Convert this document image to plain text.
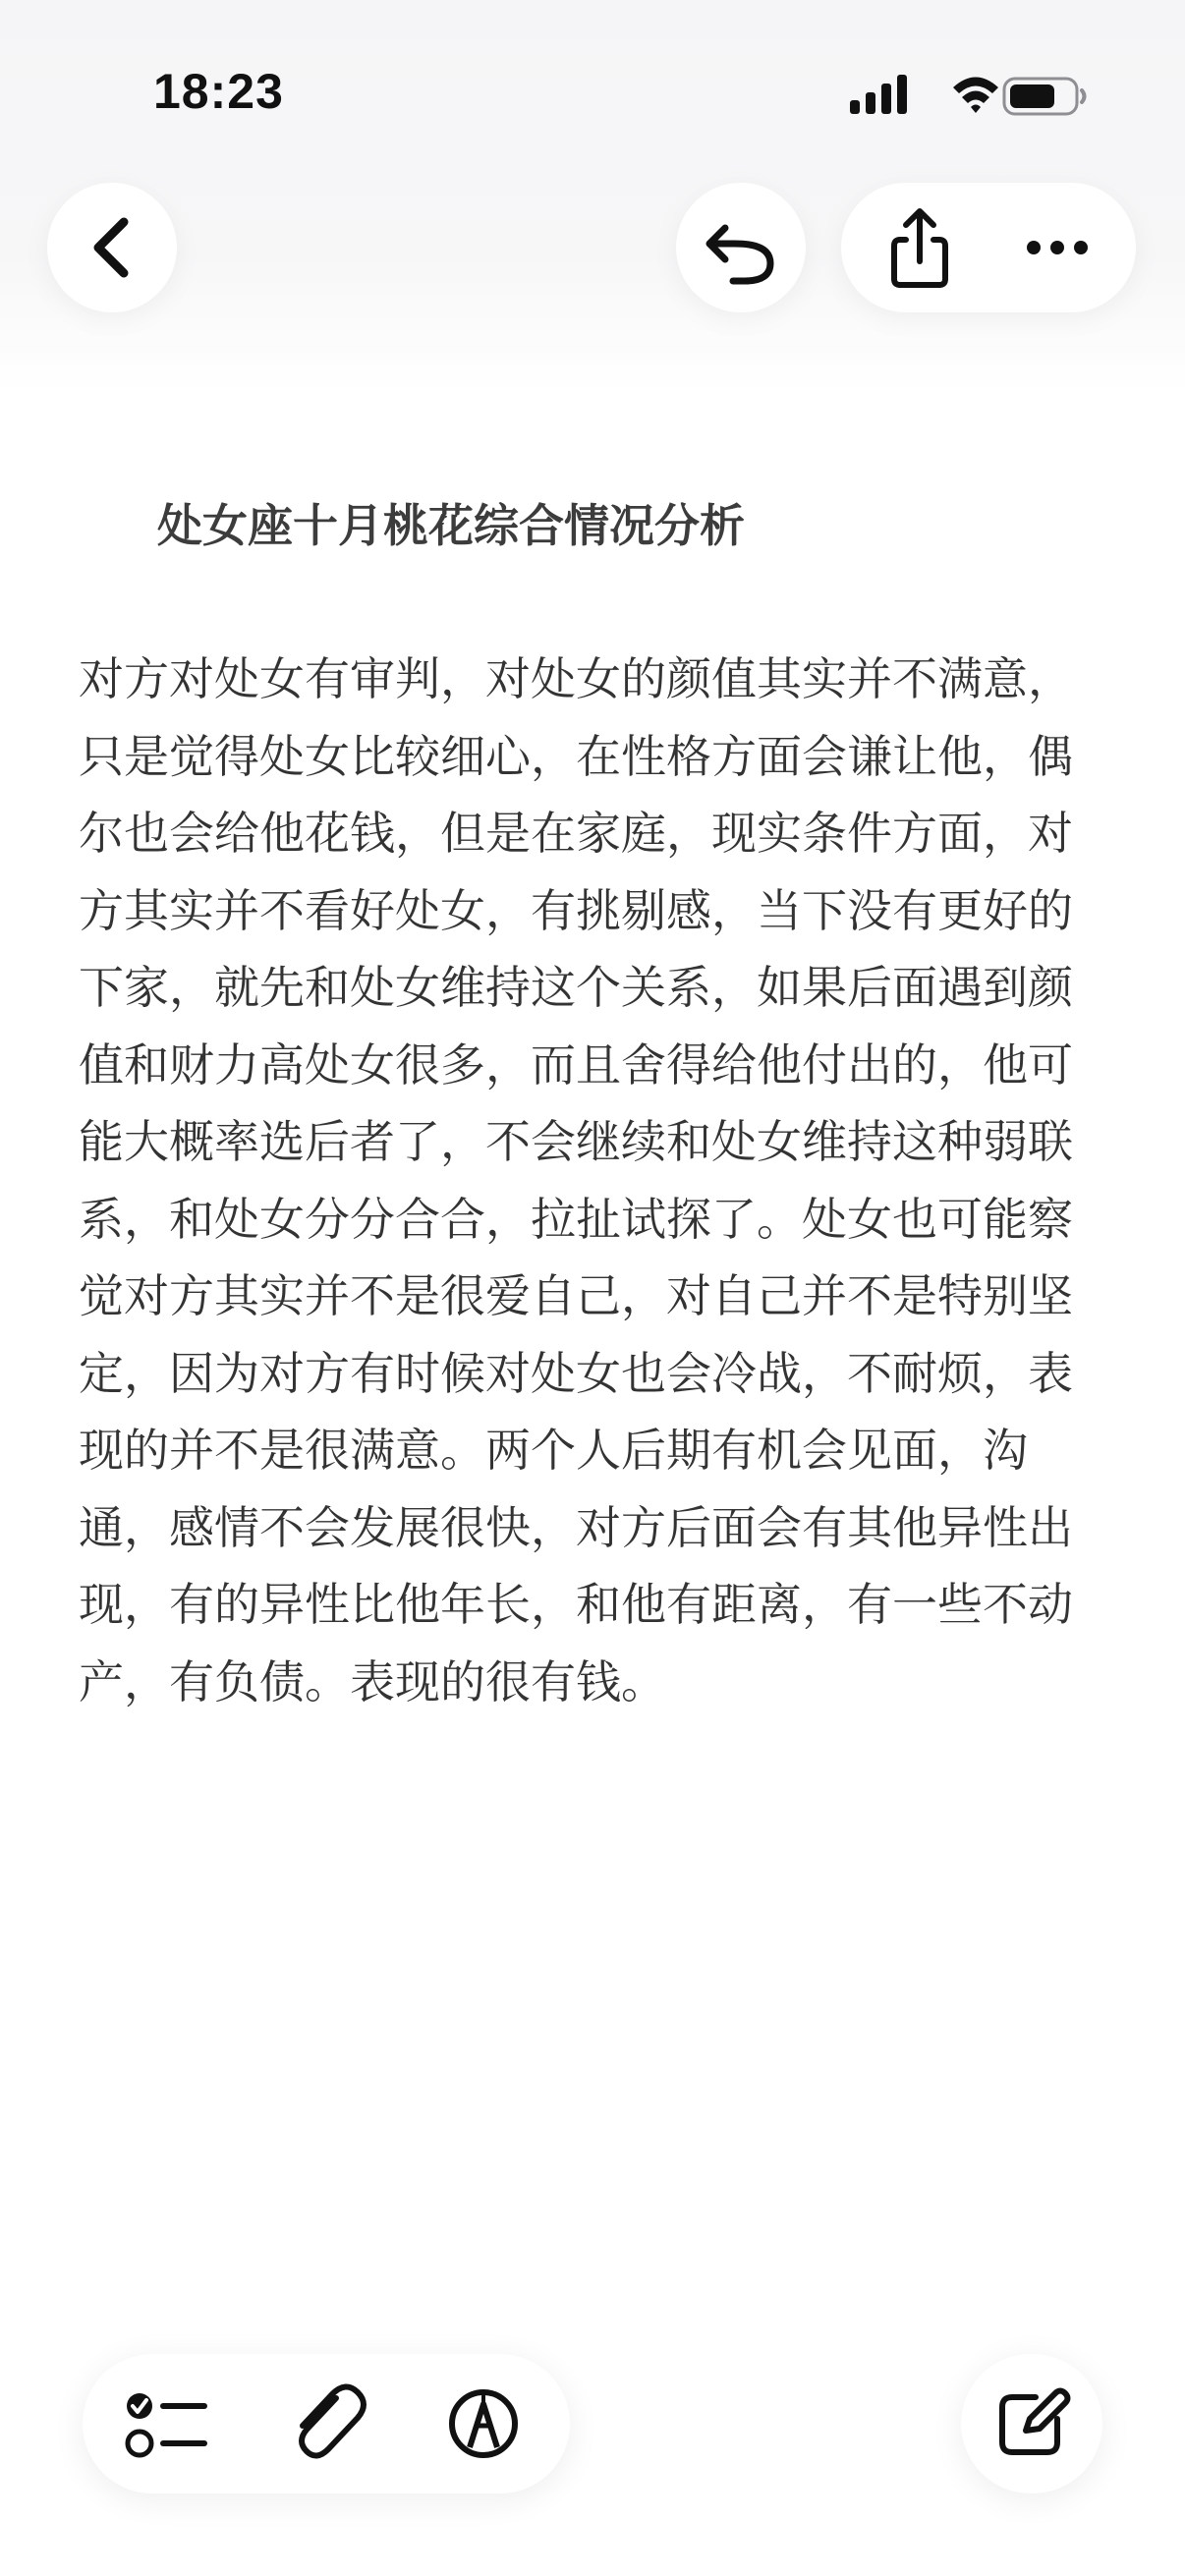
18:23
处女座十月桃花综合情况分析
对方对处女有审判，对处女的颜值其实并不满意，只是觉得处女比较细心，在性格方面会谦让他，偶尔也会给他花钱，但是在家庭，现实条件方面，对方其实并不看好处女，有挑剔感，当下没有更好的下家，就先和处女维持这个关系，如果后面遇到颜值和财力高处女很多，而且舍得给他付出的，他可能大概率选后者了，不会继续和处女维持这种弱联系，和处女分分合合，拉扯试探了。处女也可能察觉对方其实并不是很爱自己，对自己并不是特别坚定，因为对方有时候对处女也会冷战，不耐烦，表现的并不是很满意。两个人后期有机会见面，沟通，感情不会发展很快，对方后面会有其他异性出现，有的异性比他年长，和他有距离，有一些不动产，有负债。表现的很有钱。
